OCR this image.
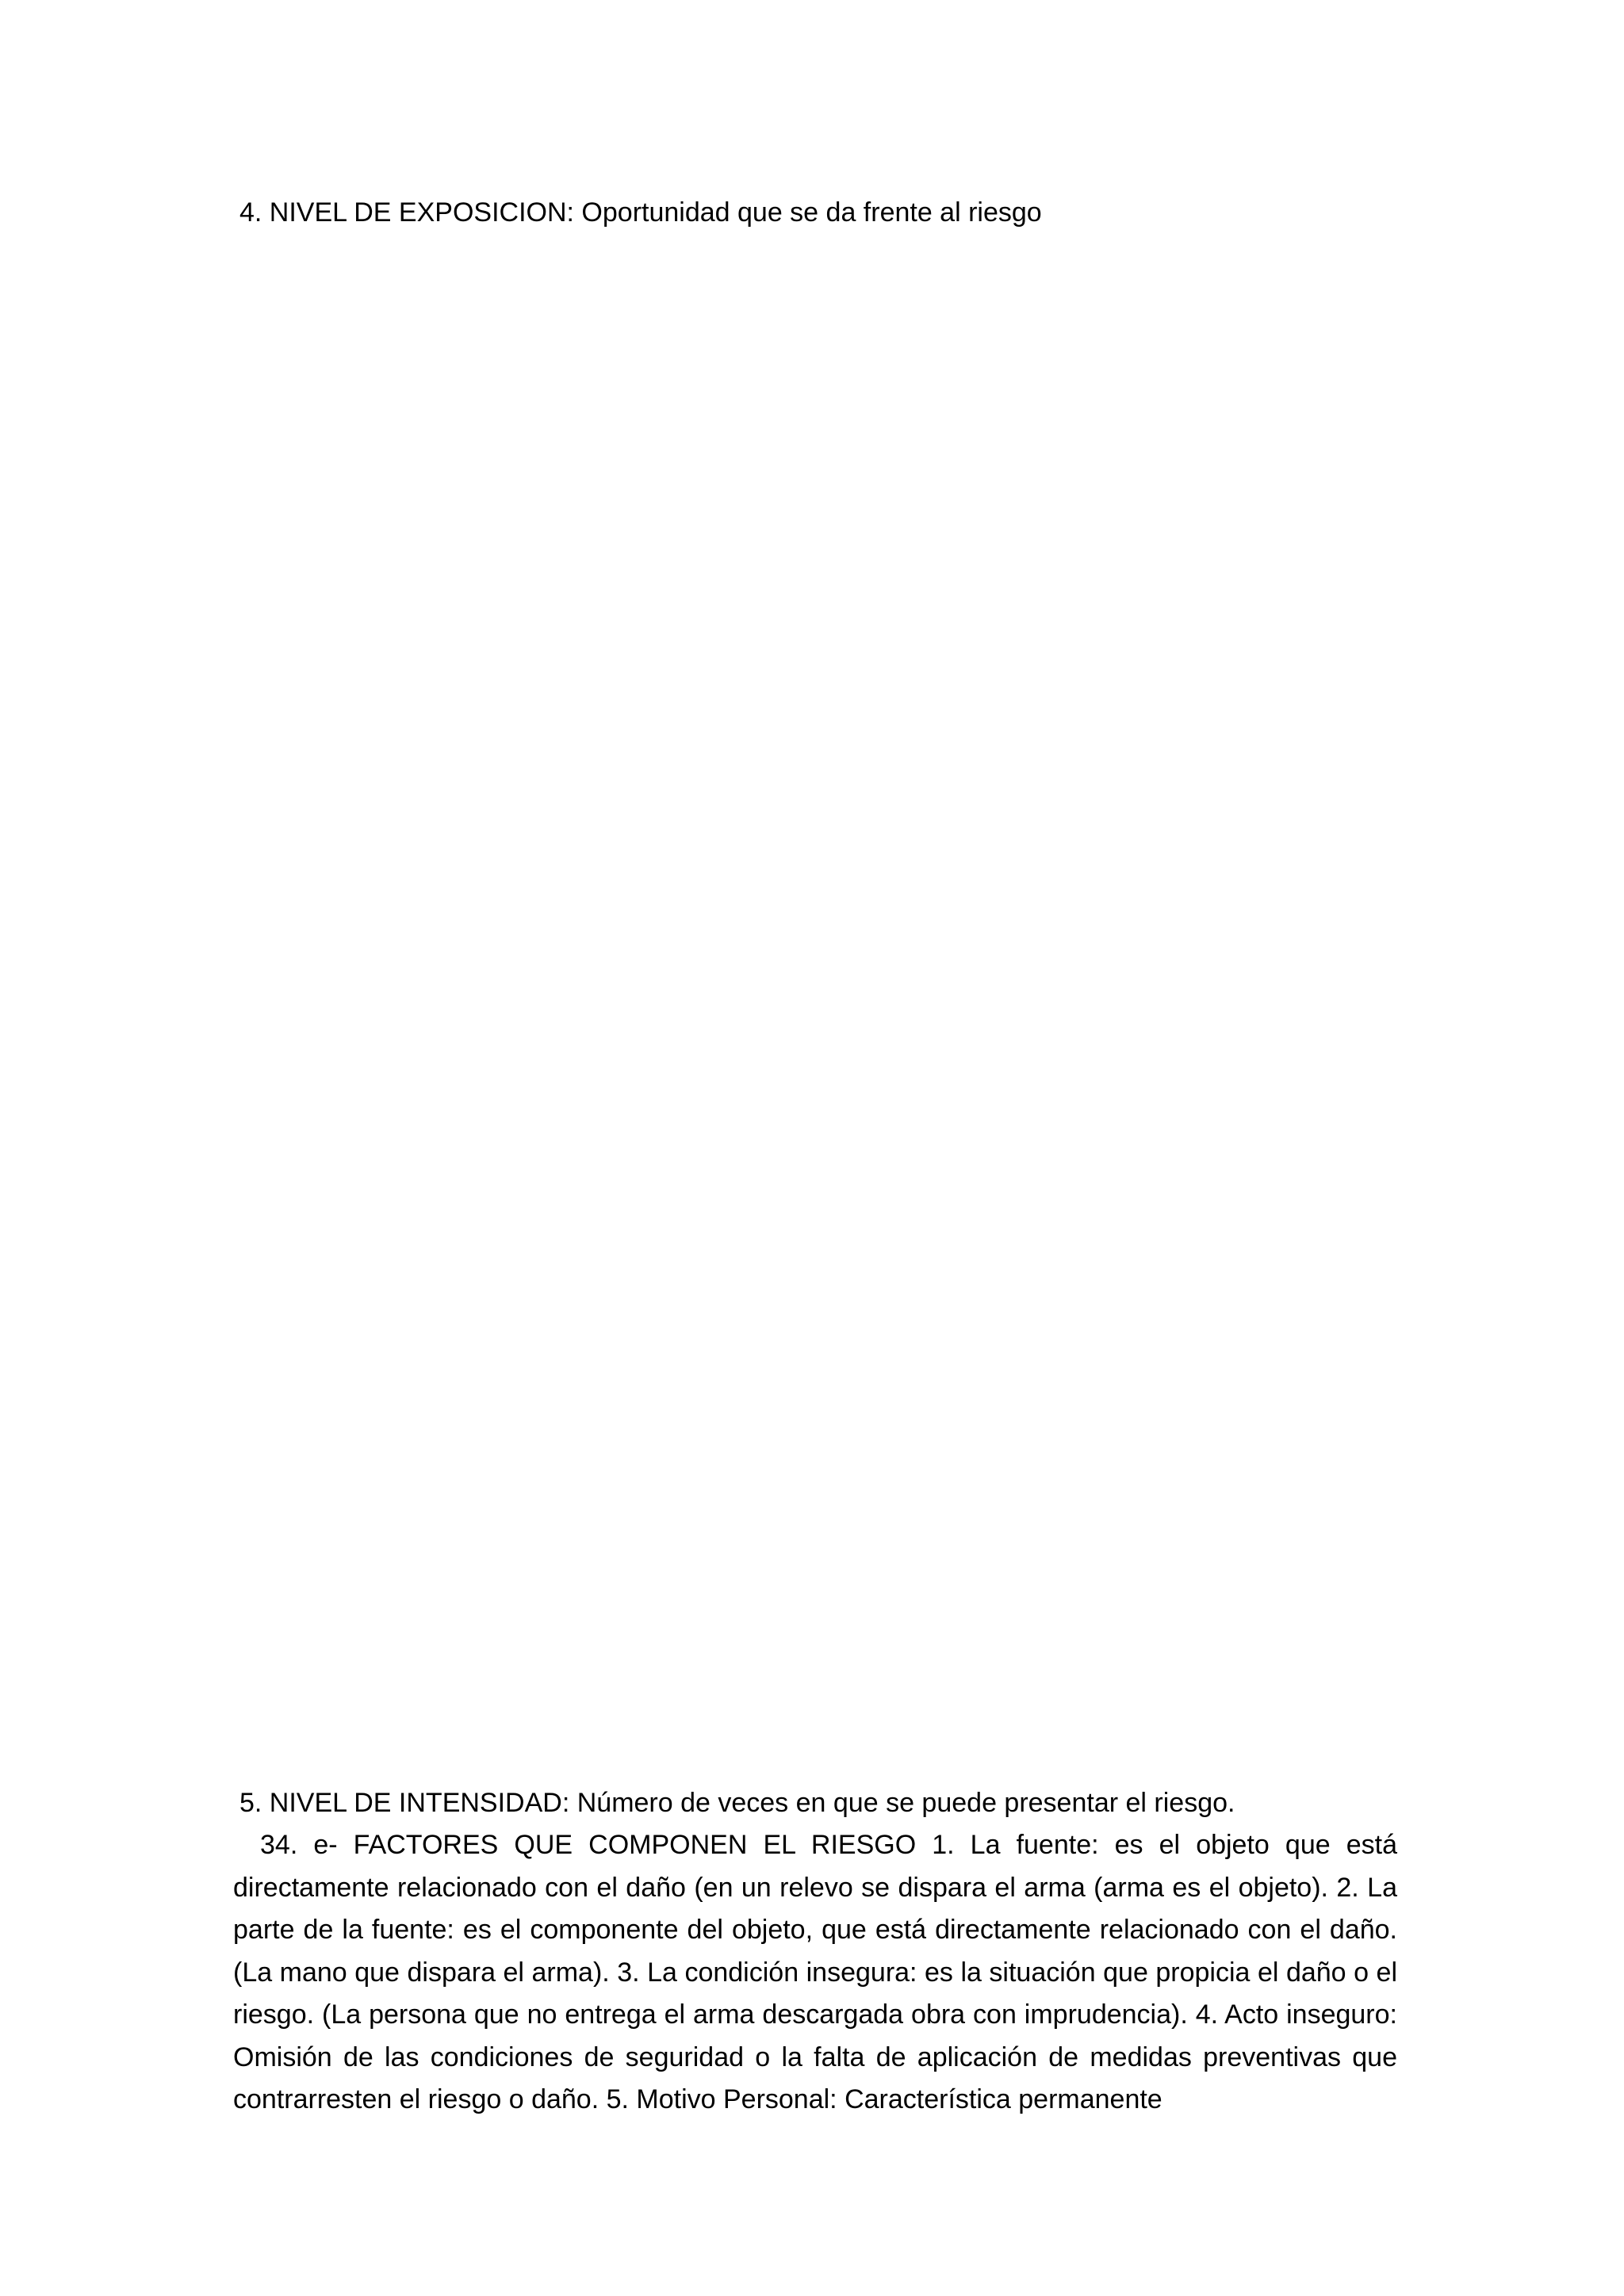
4. NIVEL DE EXPOSICION: Oportunidad que se da frente al riesgo

5. NIVEL DE INTENSIDAD: Número de veces en que se puede presentar el riesgo.

34. e- FACTORES QUE COMPONEN EL RIESGO 1. La fuente: es el objeto que está directamente relacionado con el daño (en un relevo se dispara el arma (arma es el objeto). 2. La parte de la fuente: es el componente del objeto, que está directamente relacionado con el daño. (La mano que dispara el arma). 3. La condición insegura: es la situación que propicia el daño o el riesgo. (La persona que no entrega el arma descargada obra con imprudencia). 4. Acto inseguro: Omisión de las condiciones de seguridad o la falta de aplicación de medidas preventivas que contrarresten el riesgo o daño. 5. Motivo Personal: Característica permanente
